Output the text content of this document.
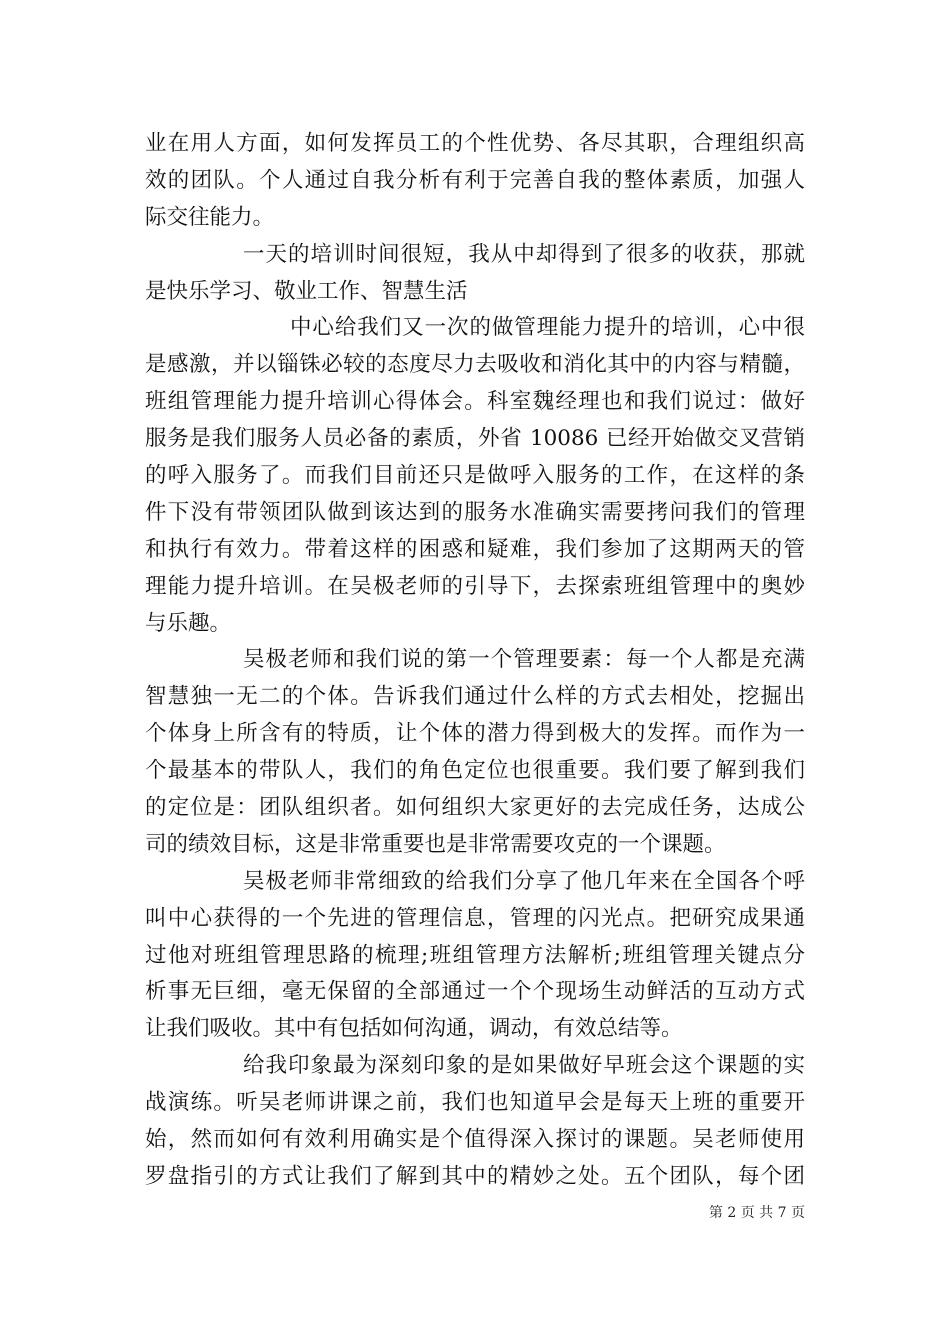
业在用人方面，如何发挥员工的个性优势、各尽其职，合理组织高
效的团队。个人通过自我分析有利于完善自我的整体素质，加强人
际交往能力。
一天的培训时间很短，我从中却得到了很多的收获，那就
是快乐学习、敬业工作、智慧生活
中心给我们又一次的做管理能力提升的培训，心中很
是感激，并以锱铢必较的态度尽力去吸收和消化其中的内容与精髓，
班组管理能力提升培训心得体会。科室魏经理也和我们说过：做好
服务是我们服务人员必备的素质，外省 10086 已经开始做交叉营销
的呼入服务了。而我们目前还只是做呼入服务的工作，在这样的条
件下没有带领团队做到该达到的服务水准确实需要拷问我们的管理
和执行有效力。带着这样的困惑和疑难，我们参加了这期两天的管
理能力提升培训。在吴极老师的引导下，去探索班组管理中的奥妙
与乐趣。
吴极老师和我们说的第一个管理要素：每一个人都是充满
智慧独一无二的个体。告诉我们通过什么样的方式去相处，挖掘出
个体身上所含有的特质，让个体的潜力得到极大的发挥。而作为一
个最基本的带队人，我们的角色定位也很重要。我们要了解到我们
的定位是：团队组织者。如何组织大家更好的去完成任务，达成公
司的绩效目标，这是非常重要也是非常需要攻克的一个课题。
吴极老师非常细致的给我们分享了他几年来在全国各个呼
叫中心获得的一个先进的管理信息，管理的闪光点。把研究成果通
过他对班组管理思路的梳理;班组管理方法解析;班组管理关键点分
析事无巨细，毫无保留的全部通过一个个现场生动鲜活的互动方式
让我们吸收。其中有包括如何沟通，调动，有效总结等。
给我印象最为深刻印象的是如果做好早班会这个课题的实
战演练。听吴老师讲课之前，我们也知道早会是每天上班的重要开
始，然而如何有效利用确实是个值得深入探讨的课题。吴老师使用
罗盘指引的方式让我们了解到其中的精妙之处。五个团队，每个团
第 2 页 共 7 页
